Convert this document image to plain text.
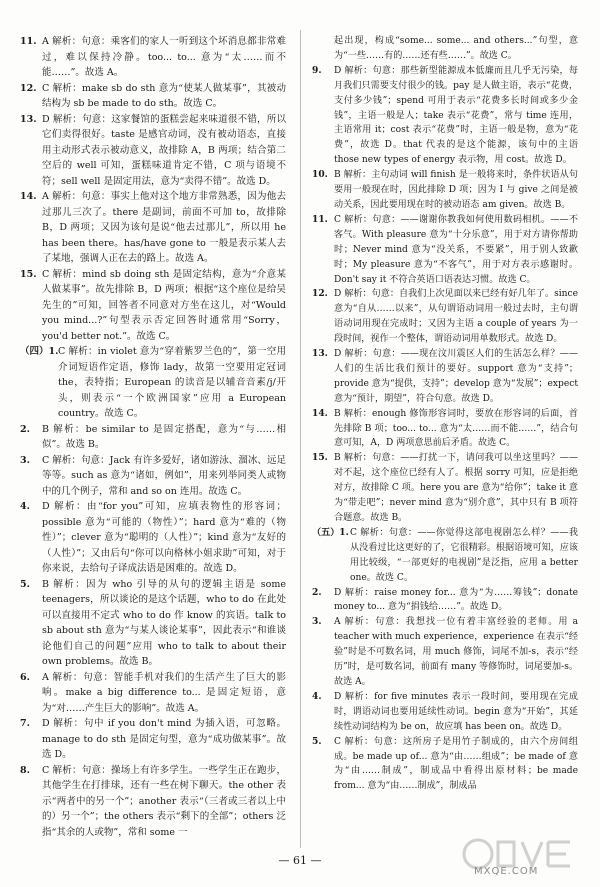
11. A 解析：句意：乘客们的家人一听到这个坏消息都非常难过，难以保持冷静。too... to... 意为“太……而不能……”。故选 A。

12. C 解析：make sb do sth 意为“使某人做某事”，其被动结构为 sb be made to do sth。故选 C。

13. D 解析：句意：这家餐馆的蛋糕尝起来味道很不错，所以它们卖得很好。taste 是感官动词，没有被动语态，直接用主动形式表示被动意义，故排除 A，B 两项；结合第二空后的 well 可知，蛋糕味道肯定不错，C 项与语境不符；sell well 是固定用法，意为“卖得不错”。故选 D。

14. A 解析：句意：事实上他对这个地方非常熟悉，因为他去过那儿三次了。there 是副词，前面不可加 to，故排除 B，D 两项；又因为该句是说“他去过那儿”，所以用 he has been there。has/have gone to 一般是表示某人去了某地，强调人正在去的路上。故选 A。

15. C 解析：mind sb doing sth 是固定结构，意为“介意某人做某事”。故先排除 B，D 两项；根据“这个座位是给吴先生的”可知，回答者不同意对方坐在这儿，对“Would you mind...?”句型表示否定回答时通常用“Sorry，you'd better not.”。故选 C。

（四）1. C 解析：in violet 意为“穿着紫罗兰色的”，第一空用介词短语作定语，修饰 lady，故第一空要用定冠词 the，表特指；European 的读音是以辅音音素/j/开头，则表示“一个欧洲国家”应用 a European country。故选 C。

2. B 解析：be similar to 是固定搭配，意为“与……相似”。故选 B。

3. C 解析：句意：Jack 有许多爱好，诸如游泳、溜冰、远足等等。such as 意为“诸如，例如”，用来列举同类人或物中的几个例子，常和 and so on 连用。故选 C。

4. D 解析：由“for you”可知，应填表物性的形容词；possible 意为“可能的（物性）”；hard 意为“难的（物性）”；clever 意为“聪明的（人性）”；kind 意为“友好的（人性）”；又由后句“你可以向格林小姐求助”可知，对于你来说，去给句子译成法语是困难的。故选 D。

5. B 解析：因为 who 引导的从句的逻辑主语是 some teenagers，所以谈论的是这个话题，who to do 在此处可以直接用不定式 who to do 作 know 的宾语。talk to sb about sth 意为“与某人谈论某事”，因此表示“和谁谈论他们自己的问题”应用 who to talk to about their own problems。故选 B。

6. A 解析：句意：智能手机对我们的生活产生了巨大的影响。make a big difference to... 是固定短语，意为“对……产生巨大的影响”。故选 A。

7. D 解析：句中 if you don't mind 为插入语，可忽略。manage to do sth 是固定句型，意为“成功做某事”。故选 D。

8. C 解析：句意：操场上有许多学生。一些学生正在跑步，其他学生在打排球，还有一些在树下聊天。the other 表示“两者中的另一个”；another 表示“（三者或三者以上中的）另一个”；the others 表示“剩下的全部”；others 泛指“其余的人或物”，常和 some 一

起出现，构成“some... some... and others...”句型，意为“一些……有的……还有些……”。故选 C。
9. D 解析：句意：那些新型能源成本低廉而且几乎无污染，每月我们只需要支付很少的钱。pay 是人做主语，表示“花费，支付多少钱”；spend 可用于表示“花费多长时间或多少金钱”，主语一般是人；take 表示“花费”，常与 time 连用，主语常用 it；cost 表示“花费”时，主语一般是物，意为“花费”，故选 D。that 代表的是这个能源，该句中的主语 those new types of energy 表示物，用 cost。故选 D。

10. B 解析：主句动词 will finish 是一般将来时，条件状语从句要用一般现在时，因此排除 D 项；因为 I 与 give 之间是被动关系，因此要用现在时的被动语态 am given。故选 B。

11. C 解析：句意：——谢谢你教我如何使用数码相机。——不客气。With pleasure 意为“十分乐意”，用于对方请你帮助时；Never mind 意为“没关系，不要紧”，用于别人致歉时；My pleasure 意为“不客气”，用于对方表示感谢时。Don't say it 不符合英语口语表达习惯。故选 C。

12. D 解析：句意：自我们上次见面以来已经有好几年了。since 意为“自从……以来”，从句谓语动词用一般过去时，主句谓语动词用现在完成时；又因为主语 a couple of years 为一段时间，视作一个整体，谓语动词用单数形式。故选 D。

13. D 解析：句意：——现在汶川震区人们的生活怎么样？——人们的生活比我们预计的要好。support 意为“支持”；provide 意为“提供，支持”；develop 意为“发展”；expect 意为“预计，期望”，符合句意。故选 D。

14. B 解析：enough 修饰形容词时，要放在形容词的后面，首先排除 B 项；too... to... 意为“太……而不能……”，结合句意可知，A，D 两项意思前后矛盾。故选 C。

15. B 解析：句意：——打扰一下，请问我可以坐这里吗？——对不起，这个座位已经有人了。根据 sorry 可知，应是拒绝对方，故排除 C 项。here you are 意为“给你”；take it 意为“带走吧”；never mind 意为“别介意”，其中只有 B 项符合题意。故选 B。

（五）1. C 解析：句意：——你觉得这部电视剧怎么样？——我从没看过比这更好的了，它很精彩。根据语境可知，应该用比较级，“一部更好的电视剧”是泛指，应用 a better one。故选 C。

2. D 解析：raise money for... 意为“为……筹钱”；donate money to... 意为“捐钱给……”。故选 D。

3. A 解析：句意：我想找一位有着丰富经验的老师。用 a teacher with much experience，experience 在表示“经验”时是不可数名词，用 much 修饰，词尾不加-s，表示“经历”时，是可数名词，前面有 many 等修饰时，词尾要加-s。故选 A。

4. D 解析：for five minutes 表示一段时间，要用现在完成时，谓语动词也要用延续性动词。begin 意为“开始”，其延续性动词结构为 be on，故应填 has been on。故选 D。

5. C 解析：句意：这所房子是用竹子制成的，由六个房间组成。be made up of... 意为“由……组成”；be made of 意为“由……制成”，制成品中看得出原材料；be made from... 意为“由……制成”，制成品

— 61 —
MXQE.COM
